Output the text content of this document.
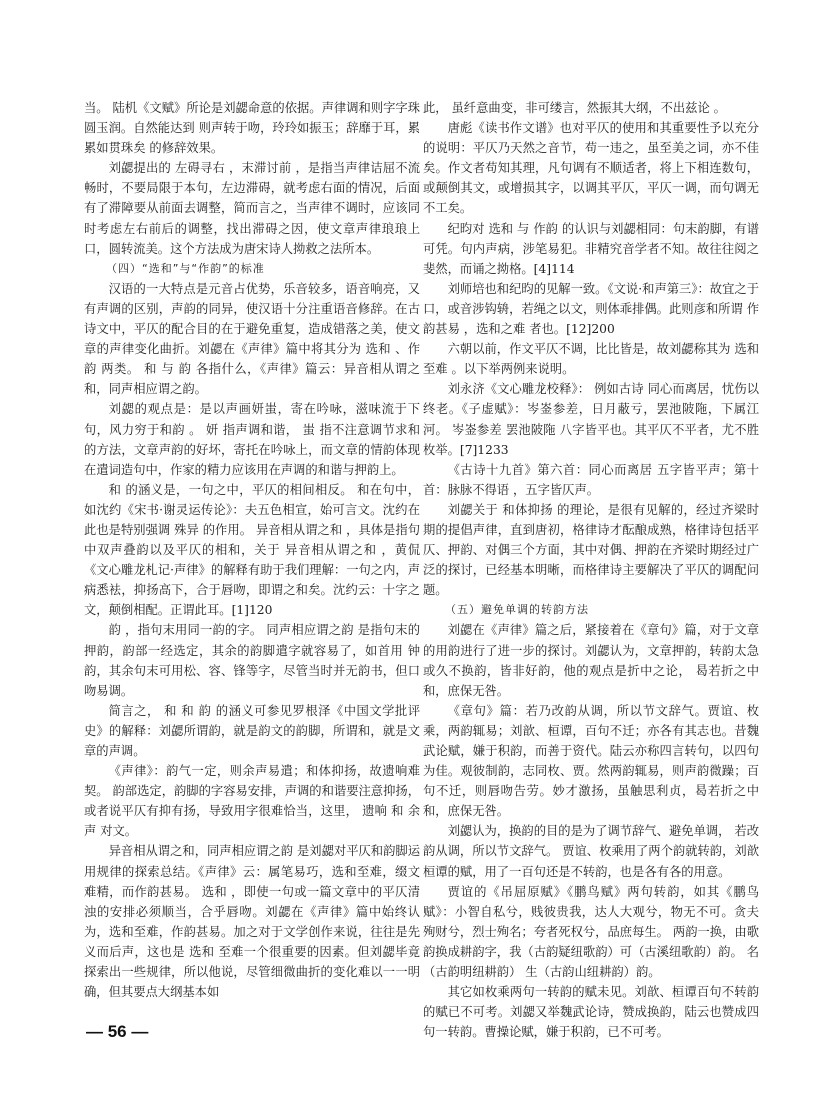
当。 陆机《文赋》所论是刘勰命意的依据。声律调和则字字珠圆玉润。自然能达到 则声转于吻，玲玲如振玉；辞靡于耳，累累如贯珠矣 的修辞效果。

刘勰提出的 左碍寻右 ，末滞讨前 ，是指当声律诘屈不流畅时，不要局限于本句，左边滞碍，就考虑右面的情况，后面有了滞障要从前面去调整，简而言之，当声律不调时，应该同时考虑左右前后的调整，找出滞碍之因，使文章声律琅琅上口，圆转流美。这个方法成为唐宋诗人拗救之法所本。

（四）“选和”与“作韵”的标准

汉语的一大特点是元音占优势，乐音较多，语音响亮，又有声调的区别，声韵的同异，使汉语十分注重语音修辞。在古诗文中，平仄的配合目的在于避免重复，造成错落之美，使文章的声律变化曲折。刘勰在《声律》篇中将其分为 选和 、作韵 两类。 和 与 韵 各指什么，《声律》篇云：异音相从谓之和，同声相应谓之韵。

刘勰的观点是：是以声画妍蚩，寄在吟咏，滋味流于下句，风力穷于和韵 。 妍 指声调和谐， 蚩 指不注意调节求和的方法，文章声韵的好坏，寄托在吟咏上，而文章的情韵体现在遣词造句中，作家的精力应该用在声调的和谐与押韵上。

和 的涵义是，一句之中，平仄的相间相反。 和在句中，如沈约《宋书·谢灵运传论》：夫五色相宣，始可言文。沈约在此也是特别强调 殊异 的作用。 异音相从谓之和 ，具体是指句中双声叠韵以及平仄的相和，关于 异音相从谓之和 ，黄侃《文心雕龙札记·声律》的解释有助于我们理解：一句之内，声病悉袪，抑扬高下，合于唇吻，即谓之和矣。沈约云：十字之文，颠倒相配。正谓此耳。[1]120

韵 ，指句末用同一韵的字。 同声相应谓之韵 是指句末的押韵，韵部一经选定，其余的韵脚遣字就容易了，如首用 钟 韵，其余句末可用松、容、锋等字，尽管当时并无韵书，但口吻易调。

简言之， 和 和 韵 的涵义可参见罗根泽《中国文学批评史》的解释：刘勰所谓韵，就是韵文的韵脚，所谓和，就是文章的声调。

《声律》：韵气一定，则余声易遣；和体抑扬，故遗响难契。 韵部选定，韵脚的字容易安排，声调的和谐要注意抑扬，或者说平仄有抑有扬，导致用字很难恰当，这里， 遗响 和 余声 对文。

异音相从谓之和，同声相应谓之韵 是刘勰对平仄和韵脚运用规律的探索总结。《声律》云：属笔易巧，选和至难，缀文难精，而作韵甚易。 选和 ，即使一句或一篇文章中的平仄清浊的安排必须顺当，合乎唇吻。刘勰在《声律》篇中始终认为，选和至难，作韵甚易。加之对于文学创作来说，往往是先义而后声，这也是 选和 至难一个很重要的因素。但刘勰毕竟探索出一些规律，所以他说，尽管细微曲折的变化难以一一明确，但其要点大纲基本如

此， 虽纤意曲变，非可缕言，然振其大纲，不出兹论 。

唐彪《读书作文谱》也对平仄的使用和其重要性予以充分的说明：平仄乃天然之音节，苟一违之，虽至美之词，亦不佳矣。作文者苟知其理，凡句调有不顺适者，将上下相连数句，或颠倒其文，或增损其字，以调其平仄，平仄一调，而句调无不工矣。

纪昀对 选和 与 作韵 的认识与刘勰相同：句末韵脚，有谱可凭。句内声病，涉笔易犯。非精究音学者不知。故往往阅之斐然，而诵之拗格。[4]114

刘师培也和纪昀的见解一致。《文说·和声第三》：故宜之于口，或音涉钩辀，若绳之以文，则体乖排偶。此则彦和所谓 作韵甚易 ，选和之难 者也。[12]200

六朝以前，作文平仄不调，比比皆是，故刘勰称其为 选和至难 。以下举两例来说明。

刘永济《文心雕龙校释》： 例如古诗 同心而离居，忧伤以终老。《子虚赋》：岑崟参差，日月蔽亏，罢池陂陁，下属江河。 岑崟参差 罢池陂陁 八字皆平也。其平仄不平者，尤不胜枚举。[7]1233

《古诗十九首》第六首：同心而离居 五字皆平声；第十首：脉脉不得语 ，五字皆仄声。

刘勰关于 和体抑扬 的理论，是很有见解的，经过齐梁时期的提倡声律，直到唐初，格律诗才酝酿成熟，格律诗包括平仄、押韵、对偶三个方面，其中对偶、押韵在齐梁时期经过广泛的探讨，已经基本明晰，而格律诗主要解决了平仄的调配问题。

（五）避免单调的转韵方法

刘勰在《声律》篇之后，紧接着在《章句》篇，对于文章的用韵进行了进一步的探讨。刘勰认为，文章押韵，转韵太急或久不换韵，皆非好韵，他的观点是折中之论， 曷若折之中和，庶保无咎。

《章句》篇：若乃改韵从调，所以节文辞气。贾谊、枚乘，两韵辄易；刘歆、桓谭，百句不迁；亦各有其志也。昔魏武论赋，嫌于积韵，而善于资代。陆云亦称四言转句，以四句为佳。观彼制韵，志同枚、贾。然两韵辄易，则声韵微躁；百句不迁，则唇吻告劳。妙才激扬，虽触思利贞，曷若折之中和，庶保无咎。

刘勰认为，换韵的目的是为了调节辞气、避免单调， 若改韵从调，所以节文辞气。 贾谊、枚乘用了两个韵就转韵，刘歆桓谭的赋，用了一百句还是不转韵，也是各有各的用意。

贾谊的《吊屈原赋》《鹏鸟赋》两句转韵，如其《鹏鸟赋》：小智自私兮，贱彼贵我，达人大观兮，物无不可。贪夫殉财兮，烈士殉名；夸者死权兮，品庶每生。 两韵一换，由歌韵换成耕韵字，我（古韵疑纽歌韵）可（古溪纽歌韵）韵。 名（古韵明纽耕韵） 生（古韵山纽耕韵）韵。

其它如枚乘两句一转韵的赋未见。刘歆、桓谭百句不转韵的赋已不可考。刘勰又举魏武论诗，赞成换韵，陆云也赞成四句一转韵。曹操论赋，嫌于积韵，已不可考。

— 56 —
